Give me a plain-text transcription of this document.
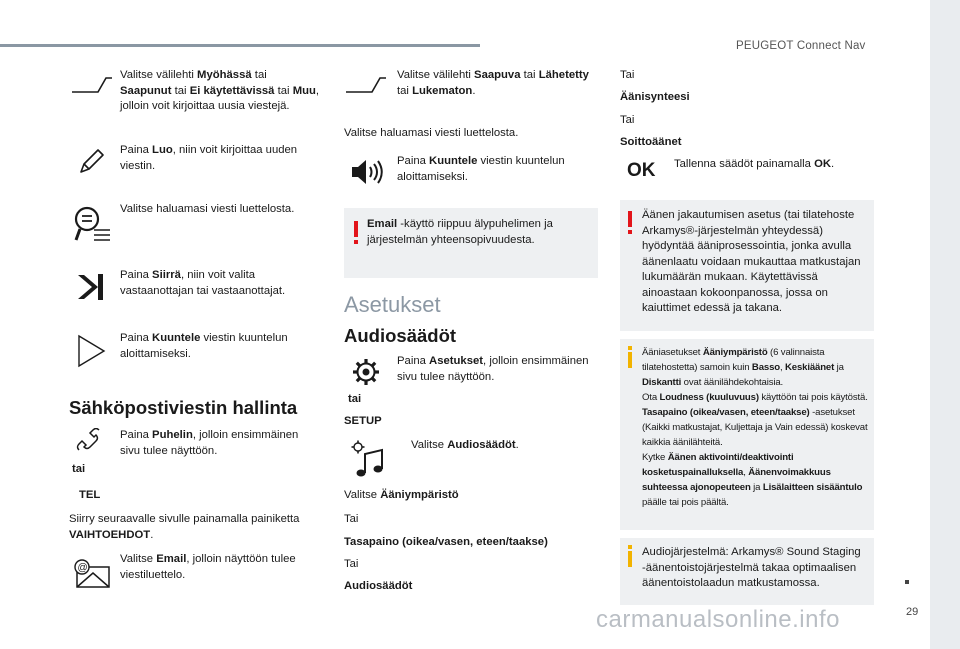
PEUGEOT Connect Nav
Valitse välilehti Myöhässä tai Saapunut tai Ei käytettävissä tai Muu, jolloin voit kirjoittaa uusia viestejä.
Paina Luo, niin voit kirjoittaa uuden viestin.
Valitse haluamasi viesti luettelosta.
Paina Siirrä, niin voit valita vastaanottajan tai vastaanottajat.
Paina Kuuntele viestin kuuntelun aloittamiseksi.
Sähköpostiviestin hallinta
tai
TEL
Paina Puhelin, jolloin ensimmäinen sivu tulee näyttöön.
Siirry seuraavalle sivulle painamalla painiketta VAIHTOEHDOT.
@
Valitse Email, jolloin näyttöön tulee viestiluettelo.
Valitse välilehti Saapuva tai Lähetetty tai Lukematon.
Valitse haluamasi viesti luettelosta.
Paina Kuuntele viestin kuuntelun aloittamiseksi.
Email -käyttö riippuu älypuhelimen ja järjestelmän yhteensopivuudesta.
Asetukset
Audiosäädöt
tai
SETUP
Paina Asetukset, jolloin ensimmäinen sivu tulee näyttöön.
Valitse Audiosäädöt.
Valitse Ääniympäristö
Tai
Tasapaino (oikea/vasen, eteen/taakse)
Tai
Audiosäädöt
Tai
Äänisynteesi
Tai
Soittoäänet
OK Tallenna säädöt painamalla OK.
Äänen jakautumisen asetus (tai tilatehoste Arkamys®-järjestelmän yhteydessä) hyödyntää ääniprosessointia, jonka avulla äänenlaatu voidaan mukauttaa matkustajan lukumäärän mukaan. Käytettävissä ainoastaan kokoonpanossa, jossa on kaiuttimet edessä ja takana.
Ääniasetukset Ääniympäristö (6 valinnaista tilatehostetta) samoin kuin Basso, Keskiäänet ja Diskantti ovat äänilähdekohtaisia.
Ota Loudness (kuuluvuus) käyttöön tai pois käytöstä.
Tasapaino (oikea/vasen, eteen/taakse) -asetukset (Kaikki matkustajat, Kuljettaja ja Vain edessä) koskevat kaikkia äänilähteitä.
Kytke Äänen aktivointi/deaktivointi kosketuspainalluksella, Äänenvoimakkuus suhteessa ajonopeuteen ja Lisälaitteen sisääntulo päälle tai pois päältä.
Audiojärjestelmä: Arkamys® Sound Staging -äänentoistojärjestelmä takaa optimaalisen äänentoistolaadun matkustamossa.
29
carmanualsonline.info
